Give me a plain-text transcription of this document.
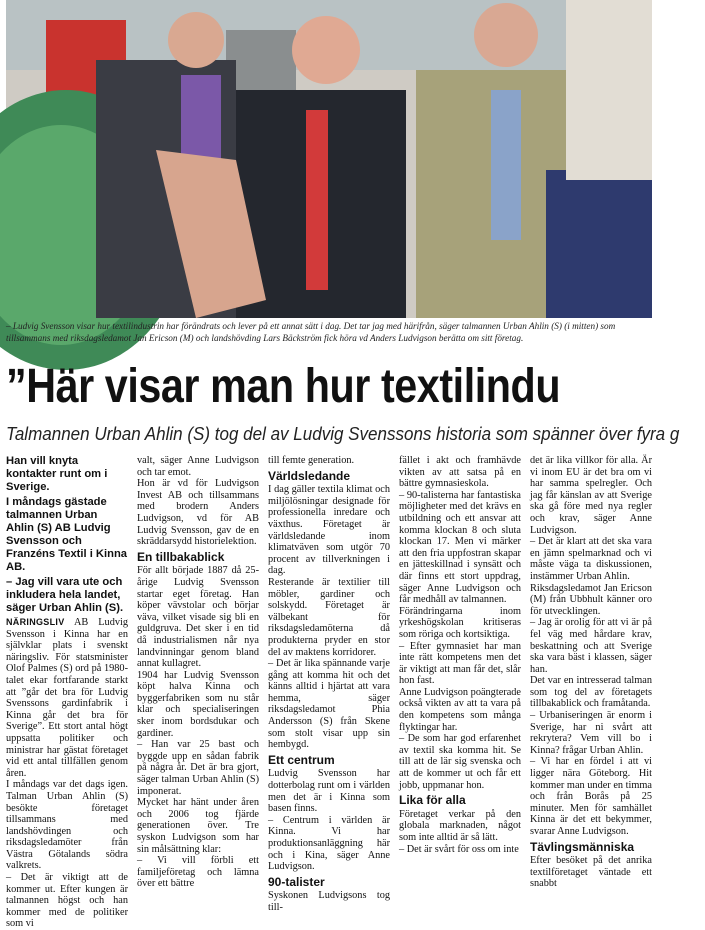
– Ludvig Svensson visar hur textilindustrin har förändrats och lever på ett annat sätt i dag. Det tar jag med härifrån, säger talmannen Urban Ahlin (S) (i mitten) som tillsammans med riksdagsledamot Jan Ericson (M) och landshövding Lars Bäckström fick höra vd Anders Ludvigson berätta om sitt företag.
”Här visar man hur textilindu
Talmannen Urban Ahlin (S) tog del av Ludvig Svenssons historia som spänner över fyra g

Han vill knyta kontakter runt om i Sverige.

I måndags gästade talmannen Urban Ahlin (S) AB Ludvig Svensson och Franzéns Textil i Kinna AB.

– Jag vill vara ute och inkludera hela landet, säger Urban Ahlin (S).

NÄRINGSLIV AB Ludvig Svensson i Kinna har en självklar plats i svenskt näringsliv. För statsminister Olof Palmes (S) ord på 1980-talet ekar fortfarande starkt att ”går det bra för Ludvig Svenssons gardinfabrik i Kinna går det bra för Sverige”. Ett stort antal högt uppsatta politiker och ministrar har gästat företaget vid ett antal tillfällen genom åren.

I måndags var det dags igen. Talman Urban Ahlin (S) besökte företaget tillsammans med landshövdingen och riksdagsledamöter från Västra Götalands södra valkrets.

– Det är viktigt att de kommer ut. Efter kungen är talmannen högst och han kommer med de politiker som vi

valt, säger Anne Ludvigson och tar emot.

Hon är vd för Ludvigson Invest AB och tillsammans med brodern Anders Ludvigson, vd för AB Ludvig Svensson, gav de en skräddarsydd historielektion.

En tillbakablick

För allt började 1887 då 25-årige Ludvig Svensson startar eget företag. Han köper vävstolar och börjar väva, vilket visade sig bli en guldgruva. Det sker i en tid då industrialismen når nya landvinningar genom bland annat kullagret.

1904 har Ludvig Svensson köpt halva Kinna och byggerfabriken som nu står klar och specialiseringen sker inom bordsdukar och gardiner.

– Han var 25 bast och byggde upp en sådan fabrik på några år. Det är bra gjort, säger talman Urban Ahlin (S) imponerat.

Mycket har hänt under åren och 2006 tog fjärde generationen över. Tre syskon Ludvigson som har sin målsättning klar:

– Vi vill förbli ett familjeföretag och lämna över ett bättre

till femte generation.

Världsledande

I dag gäller textila klimat och miljölösningar designade för professionella inredare och växthus. Företaget är världsledande inom klimatväven som utgör 70 procent av tillverkningen i dag.

Resterande är textilier till möbler, gardiner och solskydd. Företaget är välbekant för riksdagsledamöterna då produkterna pryder en stor del av maktens korridorer.

– Det är lika spännande varje gång att komma hit och det känns alltid i hjärtat att vara hemma, säger riksdagsledamot Phia Andersson (S) från Skene som stolt visar upp sin hembygd.

Ett centrum

Ludvig Svensson har dotterbolag runt om i världen men det är i Kinna som basen finns.

– Centrum i världen är Kinna. Vi har produktionsanläggning här och i Kina, säger Anne Ludvigson.

90-talister

Syskonen Ludvigsons tog till-

fället i akt och framhävde vikten av att satsa på en bättre gymnasieskola.

– 90-talisterna har fantastiska möjligheter med det krävs en utbildning och ett ansvar att komma klockan 8 och sluta klockan 17. Men vi märker att den fria uppfostran skapar en jätteskillnad i synsätt och där finns ett stort uppdrag, säger Anne Ludvigson och får medhåll av talmannen.

Förändringarna inom yrkeshögskolan kritiseras som röriga och kortsiktiga.

– Efter gymnasiet har man inte rätt kompetens men det är viktigt att man får det, slår hon fast.

Anne Ludvigson poängterade också vikten av att ta vara på den kompetens som många flyktingar har.

– De som har god erfarenhet av textil ska komma hit. Se till att de lär sig svenska och att de kommer ut och får ett jobb, uppmanar hon.

Lika för alla

Företaget verkar på den globala marknaden, något som inte alltid är så lätt.

– Det är svårt för oss om inte

det är lika villkor för alla. Är vi inom EU är det bra om vi har samma spelregler. Och jag får känslan av att Sverige ska gå före med nya regler och krav, säger Anne Ludvigson.

– Det är klart att det ska vara en jämn spelmarknad och vi måste väga ta diskussionen, instämmer Urban Ahlin.

Riksdagsledamot Jan Ericson (M) från Ubbhult känner oro för utvecklingen.

– Jag är orolig för att vi är på fel väg med hårdare krav, beskattning och att Sverige ska vara bäst i klassen, säger han.

Det var en intresserad talman som tog del av företagets tillbakablick och framåtanda.

– Urbaniseringen är enorm i Sverige, har ni svårt att rekrytera? Vem vill bo i Kinna? frågar Urban Ahlin.

– Vi har en fördel i att vi ligger nära Göteborg. Hit kommer man under en timma och från Borås på 25 minuter. Men för samhället Kinna är det ett bekymmer, svarar Anne Ludvigson.

Tävlingsmänniska

Efter besöket på det anrika textilföretaget väntade ett snabbt
